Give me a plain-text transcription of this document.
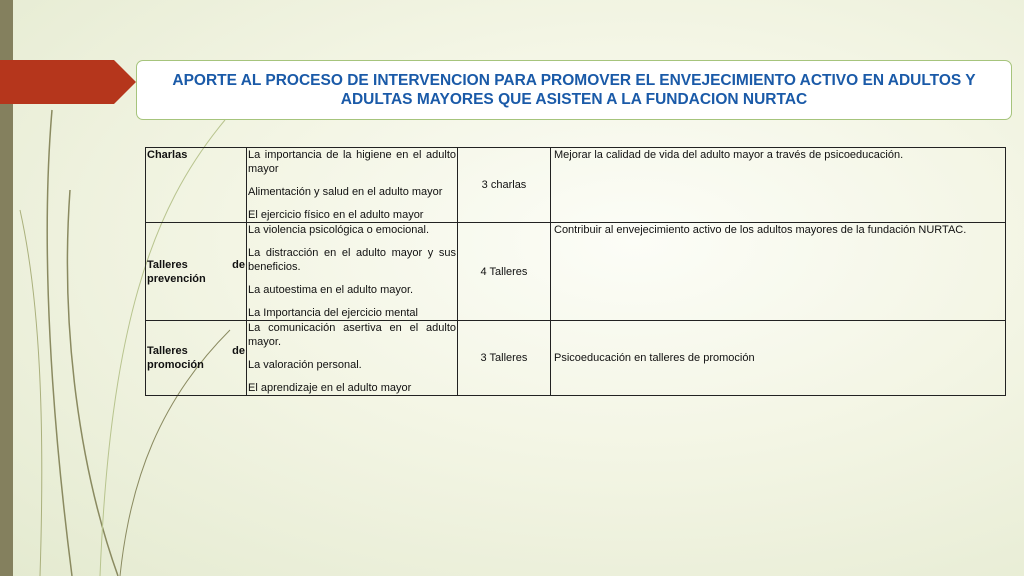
APORTE AL PROCESO DE INTERVENCION PARA PROMOVER EL ENVEJECIMIENTO ACTIVO EN ADULTOS Y ADULTAS MAYORES QUE ASISTEN A LA FUNDACION NURTAC
Charlas	La importancia de la higiene en el adulto mayor
Alimentación y salud en el adulto mayor
El ejercicio físico en el adulto mayor	3 charlas	Mejorar la calidad de vida del adulto mayor a través de psicoeducación.

Talleres de prevención	La violencia psicológica o emocional.
La distracción en el adulto mayor y sus beneficios.
La autoestima en el adulto mayor.
La Importancia del ejercicio mental	4 Talleres	Contribuir al envejecimiento activo de los adultos mayores de la fundación NURTAC.

Talleres de promoción	La comunicación asertiva en el adulto mayor.
La valoración personal.
El aprendizaje en el adulto mayor	3 Talleres	Psicoeducación en talleres de promoción
